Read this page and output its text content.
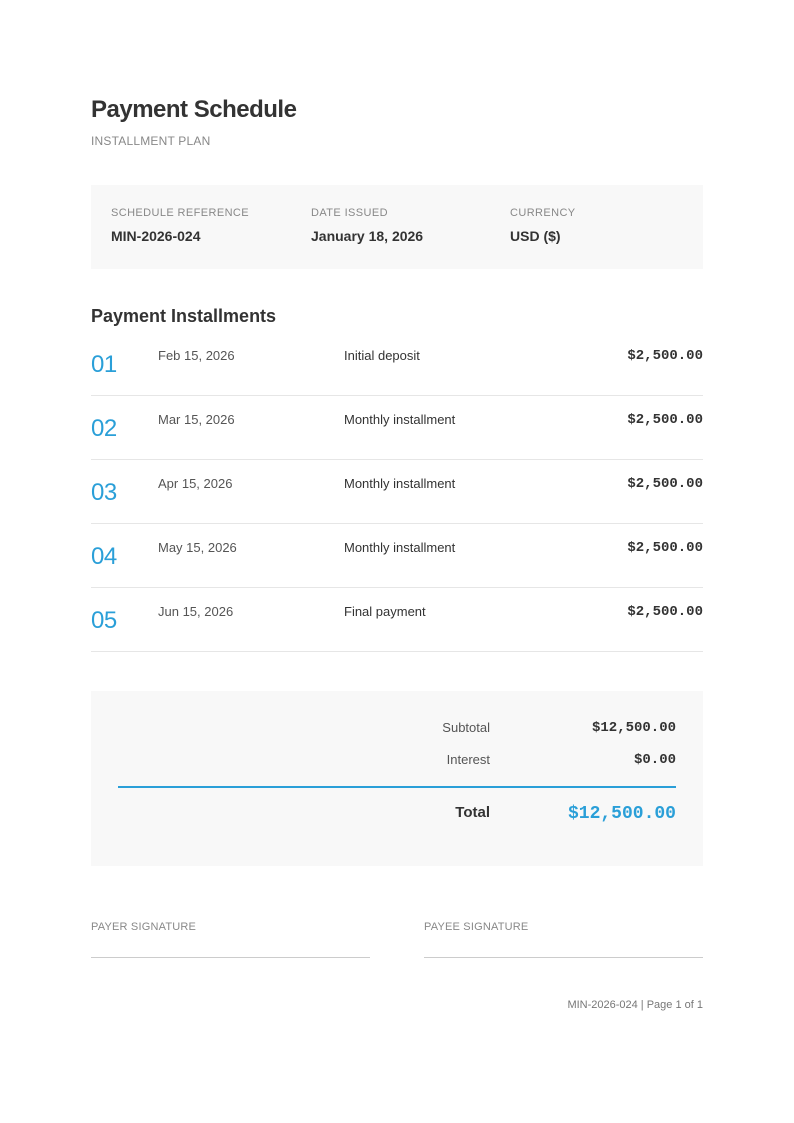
Payment Schedule
INSTALLMENT PLAN
SCHEDULE REFERENCE
MIN-2026-024
DATE ISSUED
January 18, 2026
CURRENCY
USD ($)
Payment Installments
01	Feb 15, 2026	Initial deposit	$2,500.00
02	Mar 15, 2026	Monthly installment	$2,500.00
03	Apr 15, 2026	Monthly installment	$2,500.00
04	May 15, 2026	Monthly installment	$2,500.00
05	Jun 15, 2026	Final payment	$2,500.00
Subtotal	$12,500.00
Interest	$0.00
Total	$12,500.00
PAYER SIGNATURE	PAYEE SIGNATURE
MIN-2026-024 | Page 1 of 1
